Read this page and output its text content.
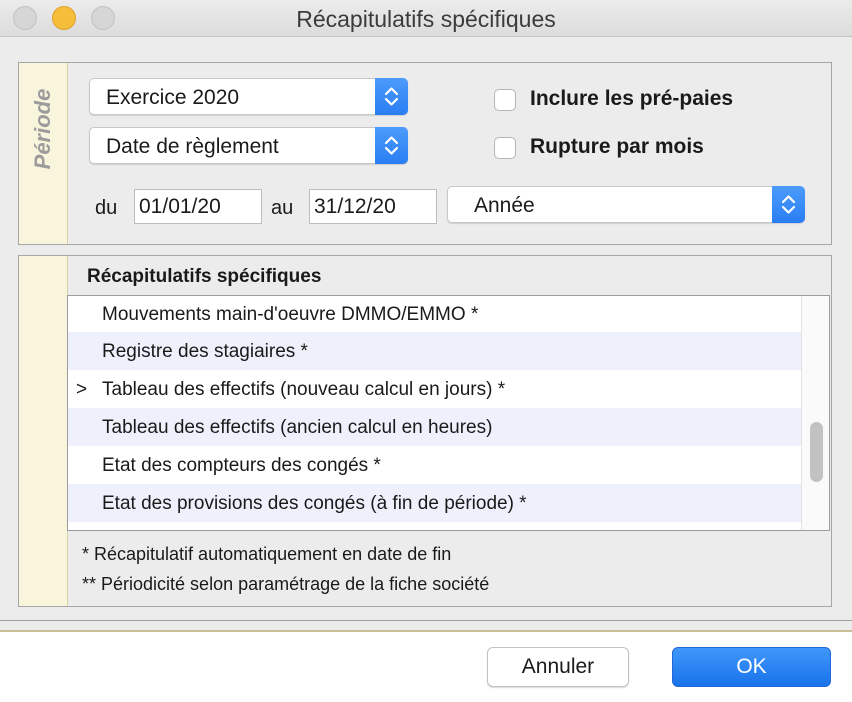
Récapitulatifs spécifiques
Période Exercice 2020
Date de règlement
Inclure les pré-paies
Rupture par mois
du
01/01/20	au
31/12/20	Année
Récapitulatifs spécifiques
Mouvements main-d'oeuvre DMMO/EMMO *
Registre des stagiaires *
> Tableau des effectifs (nouveau calcul en jours) *
Tableau des effectifs (ancien calcul en heures)
Etat des compteurs des congés *
Etat des provisions des congés (à fin de période) *
* Récapitulatif automatiquement en date de fin
** Périodicité selon paramétrage de la fiche société
Annuler	OK
